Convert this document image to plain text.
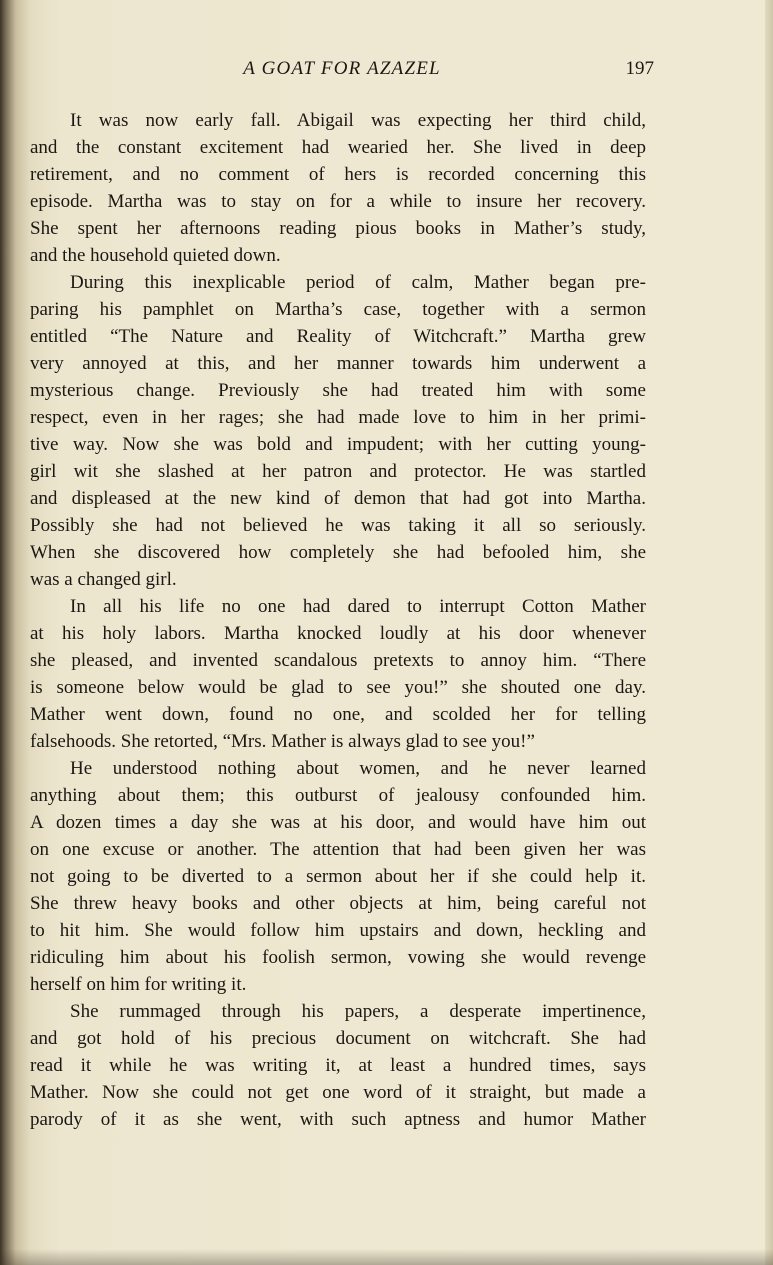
A GOAT FOR AZAZEL	197
It was now early fall. Abigail was expecting her third child,
and the constant excitement had wearied her. She lived in deep
retirement, and no comment of hers is recorded concerning this
episode. Martha was to stay on for a while to insure her recovery.
She spent her afternoons reading pious books in Mather’s study,
and the household quieted down.
During this inexplicable period of calm, Mather began pre-
paring his pamphlet on Martha’s case, together with a sermon
entitled “The Nature and Reality of Witchcraft.” Martha grew
very annoyed at this, and her manner towards him underwent a
mysterious change. Previously she had treated him with some
respect, even in her rages; she had made love to him in her primi-
tive way. Now she was bold and impudent; with her cutting young-
girl wit she slashed at her patron and protector. He was startled
and displeased at the new kind of demon that had got into Martha.
Possibly she had not believed he was taking it all so seriously.
When she discovered how completely she had befooled him, she
was a changed girl.
In all his life no one had dared to interrupt Cotton Mather
at his holy labors. Martha knocked loudly at his door whenever
she pleased, and invented scandalous pretexts to annoy him. “There
is someone below would be glad to see you!” she shouted one day.
Mather went down, found no one, and scolded her for telling
falsehoods. She retorted, “Mrs. Mather is always glad to see you!”
He understood nothing about women, and he never learned
anything about them; this outburst of jealousy confounded him.
A dozen times a day she was at his door, and would have him out
on one excuse or another. The attention that had been given her was
not going to be diverted to a sermon about her if she could help it.
She threw heavy books and other objects at him, being careful not
to hit him. She would follow him upstairs and down, heckling and
ridiculing him about his foolish sermon, vowing she would revenge
herself on him for writing it.
She rummaged through his papers, a desperate impertinence,
and got hold of his precious document on witchcraft. She had
read it while he was writing it, at least a hundred times, says
Mather. Now she could not get one word of it straight, but made a
parody of it as she went, with such aptness and humor Mather
